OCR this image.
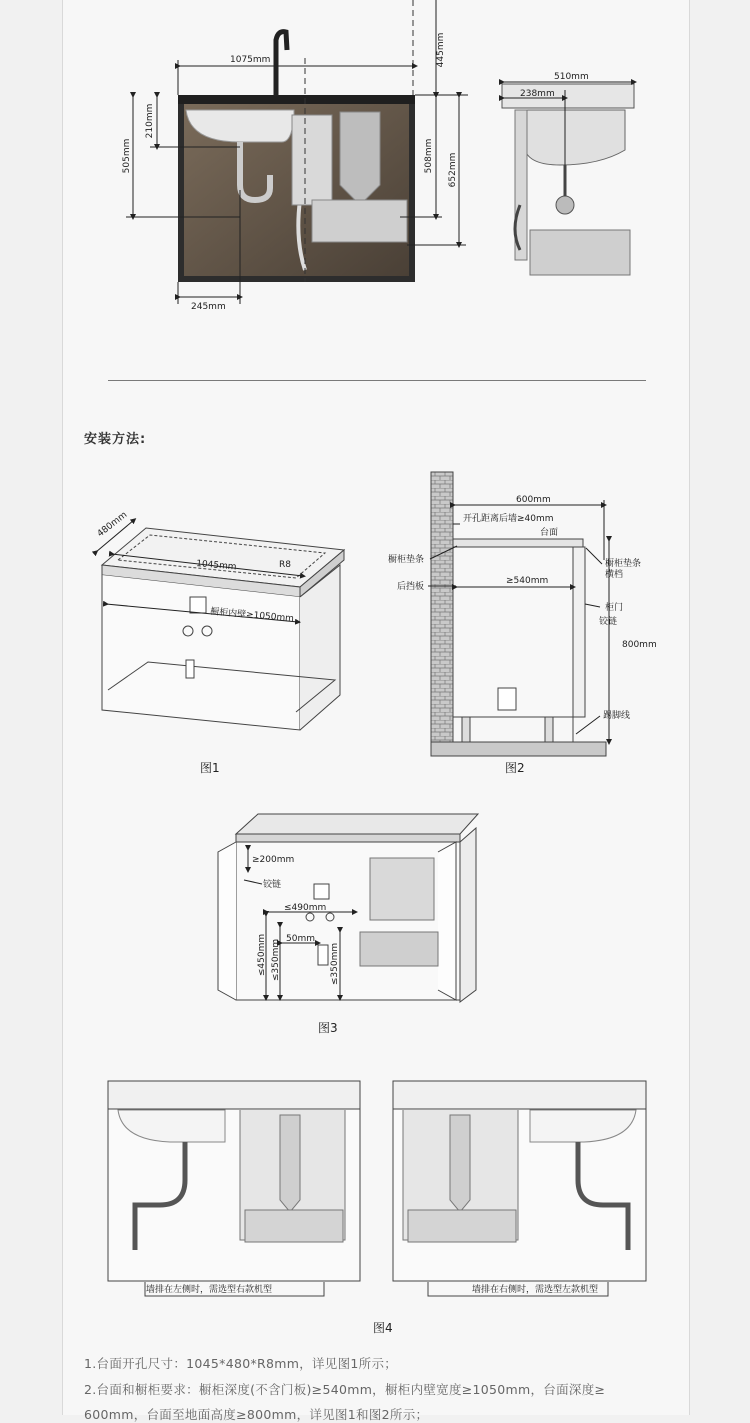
1075mm	445mm
210mm
505mm	508mm 652mm
245mm
510mm
238mm
1045mm	R8
480mm
橱柜内壁≥1050mm
图1
600mm
开孔距离后墙≥40mm
台面
橱柜垫条
后挡板
≥540mm
橱柜垫条
横档
柜门
铰链
800mm
踢脚线
图2
≥200mm
铰链
≤490mm
50mm
≤450mm ≤350mm	≤350mm
图3
墙排在左侧时，需选型右款机型	墙排在右侧时，需选型左款机型
图4
安装方法:
1.台面开孔尺寸：1045*480*R8mm，详见图1所示；
2.台面和橱柜要求：橱柜深度(不含门板)≥540mm，橱柜内壁宽度≥1050mm，台面深度≥
600mm，台面至地面高度≥800mm，详见图1和图2所示；
